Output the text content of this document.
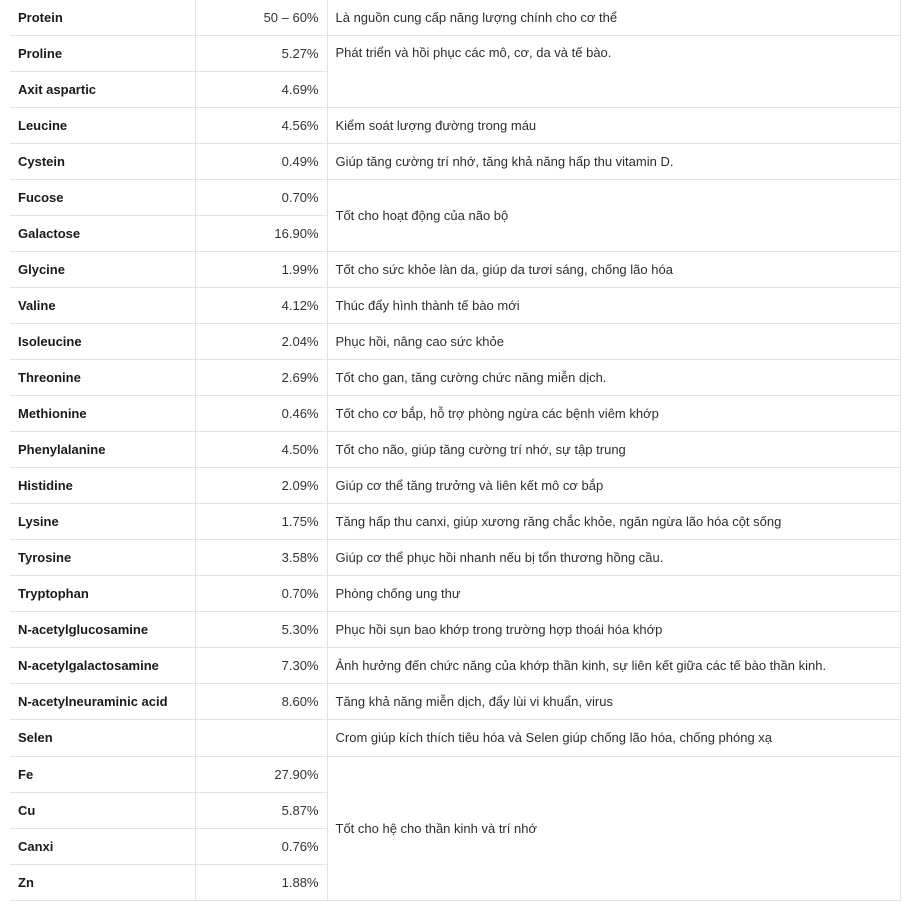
Protein	50 – 60%	Là nguồn cung cấp năng lượng chính cho cơ thể
Proline	5.27%	Phát triển và hồi phục các mô, cơ, da và tế bào.
Axit aspartic	4.69%	
Leucine	4.56%	Kiểm soát lượng đường trong máu
Cystein	0.49%	Giúp tăng cường trí nhớ, tăng khả năng hấp thu vitamin D.
Fucose	0.70%	Tốt cho hoạt động của não bộ
Galactose	16.90%	
Glycine	1.99%	Tốt cho sức khỏe làn da, giúp da tươi sáng, chống lão hóa
Valine	4.12%	Thúc đẩy hình thành tế bào mới
Isoleucine	2.04%	Phục hồi, nâng cao sức khỏe
Threonine	2.69%	Tốt cho gan, tăng cường chức năng miễn dịch.
Methionine	0.46%	Tốt cho cơ bắp, hỗ trợ phòng ngừa các bệnh viêm khớp
Phenylalanine	4.50%	Tốt cho não, giúp tăng cường trí nhớ, sự tập trung
Histidine	2.09%	Giúp cơ thể tăng trưởng và liên kết mô cơ bắp
Lysine	1.75%	Tăng hấp thu canxi, giúp xương răng chắc khỏe, ngăn ngừa lão hóa cột sống
Tyrosine	3.58%	Giúp cơ thể phục hồi nhanh nếu bị tổn thương hồng cầu.
Tryptophan	0.70%	Phòng chống ung thư
N-acetylglucosamine	5.30%	Phục hồi sụn bao khớp trong trường hợp thoái hóa khớp
N-acetylgalactosamine	7.30%	Ảnh hưởng đến chức năng của khớp thần kinh, sự liên kết giữa các tế bào thần kinh.
N-acetylneuraminic acid	8.60%	Tăng khả năng miễn dịch, đẩy lùi vi khuẩn, virus
Selen		Crom giúp kích thích tiêu hóa và Selen giúp chống lão hóa, chống phóng xạ
Fe	27.90%	Tốt cho hệ cho thần kinh và trí nhớ
Cu	5.87%	
Canxi	0.76%	
Zn	1.88%	
